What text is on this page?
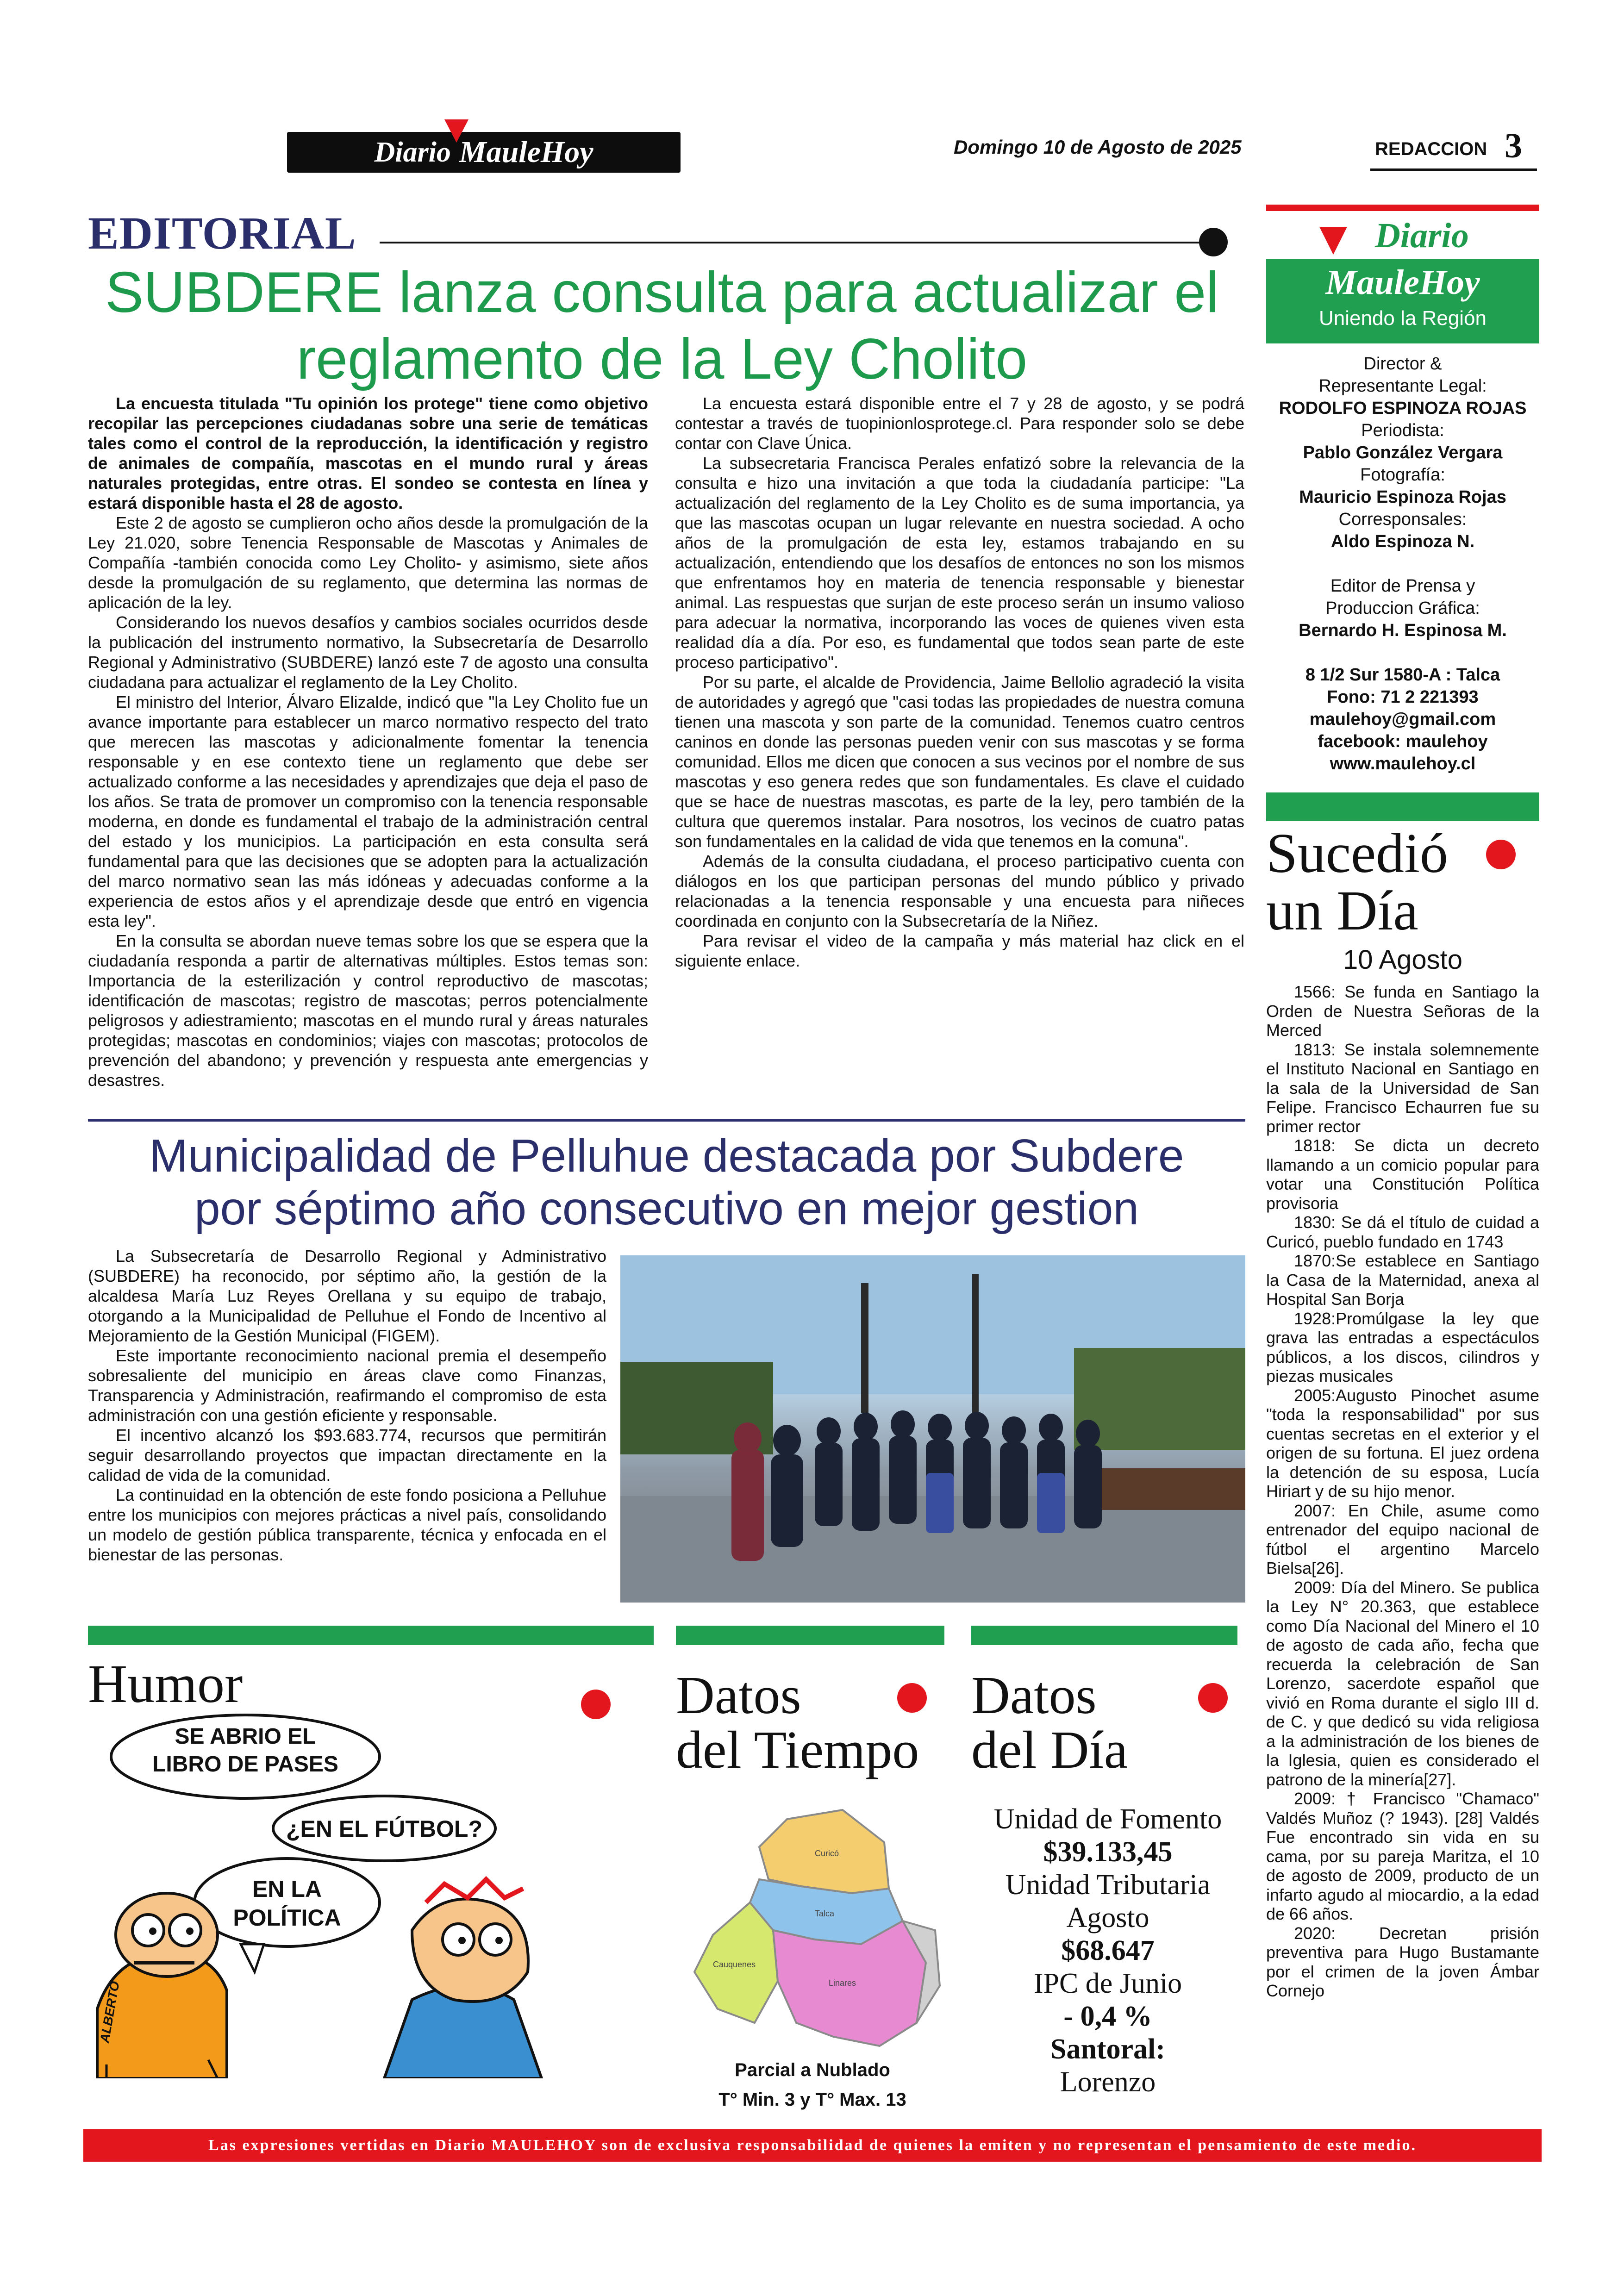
Diario MauleHoy	Domingo 10 de Agosto de 2025	REDACCION 3
EDITORIAL
SUBDERE lanza consulta para actualizar el reglamento de la Ley Cholito

La encuesta titulada "Tu opinión los protege" tiene como objetivo recopilar las percepciones ciudadanas sobre una serie de temáticas tales como el control de la reproducción, la identificación y registro de animales de compañía, mascotas en el mundo rural y áreas naturales protegidas, entre otras. El sondeo se contesta en línea y estará disponible hasta el 28 de agosto.

Este 2 de agosto se cumplieron ocho años desde la promulgación de la Ley 21.020, sobre Tenencia Responsable de Mascotas y Animales de Compañía -también conocida como Ley Cholito- y asimismo, siete años desde la promulgación de su reglamento, que determina las normas de aplicación de la ley.

Considerando los nuevos desafíos y cambios sociales ocurridos desde la publicación del instrumento normativo, la Subsecretaría de Desarrollo Regional y Administrativo (SUBDERE) lanzó este 7 de agosto una consulta ciudadana para actualizar el reglamento de la Ley Cholito.

El ministro del Interior, Álvaro Elizalde, indicó que "la Ley Cholito fue un avance importante para establecer un marco normativo respecto del trato que merecen las mascotas y adicionalmente fomentar la tenencia responsable y en ese contexto tiene un reglamento que debe ser actualizado conforme a las necesidades y aprendizajes que deja el paso de los años. Se trata de promover un compromiso con la tenencia responsable moderna, en donde es fundamental el trabajo de la administración central del estado y los municipios. La participación en esta consulta será fundamental para que las decisiones que se adopten para la actualización del marco normativo sean las más idóneas y adecuadas conforme a la experiencia de estos años y el aprendizaje desde que entró en vigencia esta ley".

En la consulta se abordan nueve temas sobre los que se espera que la ciudadanía responda a partir de alternativas múltiples. Estos temas son: Importancia de la esterilización y control reproductivo de mascotas; identificación de mascotas; registro de mascotas; perros potencialmente peligrosos y adiestramiento; mascotas en el mundo rural y áreas naturales protegidas; mascotas en condominios; viajes con mascotas; protocolos de prevención del abandono; y prevención y respuesta ante emergencias y desastres.

La encuesta estará disponible entre el 7 y 28 de agosto, y se podrá contestar a través de tuopinionlosprotege.cl. Para responder solo se debe contar con Clave Única.

La subsecretaria Francisca Perales enfatizó sobre la relevancia de la consulta e hizo una invitación a que toda la ciudadanía participe: "La actualización del reglamento de la Ley Cholito es de suma importancia, ya que las mascotas ocupan un lugar relevante en nuestra sociedad. A ocho años de la promulgación de esta ley, estamos trabajando en su actualización, entendiendo que los desafíos de entonces no son los mismos que enfrentamos hoy en materia de tenencia responsable y bienestar animal. Las respuestas que surjan de este proceso serán un insumo valioso para adecuar la normativa, incorporando las voces de quienes viven esta realidad día a día. Por eso, es fundamental que todos sean parte de este proceso participativo".

Por su parte, el alcalde de Providencia, Jaime Bellolio agradeció la visita de autoridades y agregó que "casi todas las propiedades de nuestra comuna tienen una mascota y son parte de la comunidad. Tenemos cuatro centros caninos en donde las personas pueden venir con sus mascotas y se forma comunidad. Ellos me dicen que conocen a sus vecinos por el nombre de sus mascotas y eso genera redes que son fundamentales. Es clave el cuidado que se hace de nuestras mascotas, es parte de la ley, pero también de la cultura que queremos instalar. Para nosotros, los vecinos de cuatro patas son fundamentales en la calidad de vida que tenemos en la comuna".

Además de la consulta ciudadana, el proceso participativo cuenta con diálogos en los que participan personas del mundo público y privado relacionadas a la tenencia responsable y una encuesta para niñeces coordinada en conjunto con la Subsecretaría de la Niñez.

Para revisar el video de la campaña y más material haz click en el siguiente enlace.

Municipalidad de Pelluhue destacada por Subdere
por séptimo año consecutivo en mejor gestion

La Subsecretaría de Desarrollo Regional y Administrativo (SUBDERE) ha reconocido, por séptimo año, la gestión de la alcaldesa María Luz Reyes Orellana y su equipo de trabajo, otorgando a la Municipalidad de Pelluhue el Fondo de Incentivo al Mejoramiento de la Gestión Municipal (FIGEM).

Este importante reconocimiento nacional premia el desempeño sobresaliente del municipio en áreas clave como Finanzas, Transparencia y Administración, reafirmando el compromiso de esta administración con una gestión eficiente y responsable.

El incentivo alcanzó los $93.683.774, recursos que permitirán seguir desarrollando proyectos que impactan directamente en la calidad de vida de la comunidad.

La continuidad en la obtención de este fondo posiciona a Pelluhue entre los municipios con mejores prácticas a nivel país, consolidando un modelo de gestión pública transparente, técnica y enfocada en el bienestar de las personas.

Diario
MauleHoy
Uniendo la Región
Director &
Representante Legal:
RODOLFO ESPINOZA ROJAS
Periodista:
Pablo González Vergara
Fotografía:
Mauricio Espinoza Rojas
Corresponsales:
Aldo Espinoza N.
Editor de Prensa y
Produccion Gráfica:
Bernardo H. Espinosa M.
8 1/2 Sur 1580-A : Talca
Fono: 71 2 221393
maulehoy@gmail.com
facebook: maulehoy
www.maulehoy.cl
Sucedió
un Día
10 Agosto

1566: Se funda en Santiago la Orden de Nuestra Señoras de la Merced

1813: Se instala solemnemente el Instituto Nacional en Santiago en la sala de la Universidad de San Felipe. Francisco Echaurren fue su primer rector

1818: Se dicta un decreto llamando a un comicio popular para votar una Constitución Política provisoria

1830: Se dá el título de cuidad a Curicó, pueblo fundado en 1743

1870:Se establece en Santiago la Casa de la Maternidad, anexa al Hospital San Borja

1928:Promúlgase la ley que grava las entradas a espectáculos públicos, a los discos, cilindros y piezas musicales

2005:Augusto Pinochet asume "toda la responsabilidad" por sus cuentas secretas en el exterior y el origen de su fortuna. El juez ordena la detención de su esposa, Lucía Hiriart y de su hijo menor.

2007: En Chile, asume como entrenador del equipo nacional de fútbol el argentino Marcelo Bielsa[26].

2009: Día del Minero. Se publica la Ley N° 20.363, que establece como Día Nacional del Minero el 10 de agosto de cada año, fecha que recuerda la celebración de San Lorenzo, sacerdote español que vivió en Roma durante el siglo III d. de C. y que dedicó su vida religiosa a la administración de los bienes de la Iglesia, quien es considerado el patrono de la minería[27].

2009: † Francisco "Chamaco" Valdés Muñoz (? 1943). [28] Valdés Fue encontrado sin vida en su cama, por su pareja Maritza, el 10 de agosto de 2009, producto de un infarto agudo al miocardio, a la edad de 66 años.

2020: Decretan prisión preventiva para Hugo Bustamante por el crimen de la joven Ámbar Cornejo

Humor
SE ABRIO EL LIBRO DE PASES
¿EN EL FÚTBOL?
EN LA POLÍTICA
ALBERTO
Datos
del Tiempo
Curicó
Talca
Cauquenes
Linares
Parcial a Nublado
T° Min. 3 y T° Max. 13
Datos
del Día
Unidad de Fomento
$39.133,45
Unidad Tributaria
Agosto
$68.647
IPC de Junio
- 0,4 %
Santoral:
Lorenzo
Las expresiones vertidas en Diario MAULEHOY son de exclusiva responsabilidad de quienes la emiten y no representan el pensamiento de este medio.
